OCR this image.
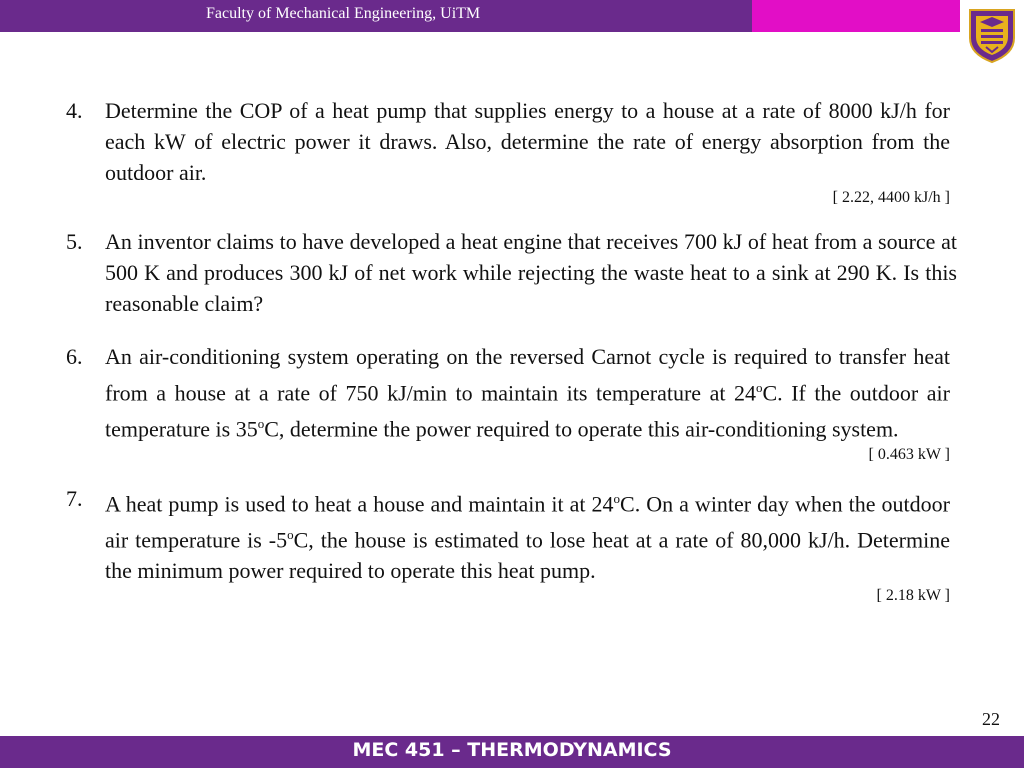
Faculty of Mechanical Engineering, UiTM
4.	Determine the COP of a heat pump that supplies energy to a house at a rate of 8000 kJ/h for each kW of electric power it draws. Also, determine the rate of energy absorption from the outdoor air.
[ 2.22, 4400 kJ/h ]
5.	An inventor claims to have developed a heat engine that receives 700 kJ of heat from a source at 500 K and produces 300 kJ of net work while rejecting the waste heat to a sink at 290 K. Is this reasonable claim?
6.	An air-conditioning system operating on the reversed Carnot cycle is required to transfer heat from a house at a rate of 750 kJ/min to maintain its temperature at 24$^o$C. If the outdoor air temperature is 35$^o$C, determine the power required to operate this air-conditioning system.
[ 0.463 kW ]
7.	A heat pump is used to heat a house and maintain it at 24$^o$C. On a winter day when the outdoor air temperature is -5$^o$C, the house is estimated to lose heat at a rate of 80,000 kJ/h. Determine the minimum power required to operate this heat pump.
[ 2.18 kW ]
22
MEC 451 – THERMODYNAMICS
